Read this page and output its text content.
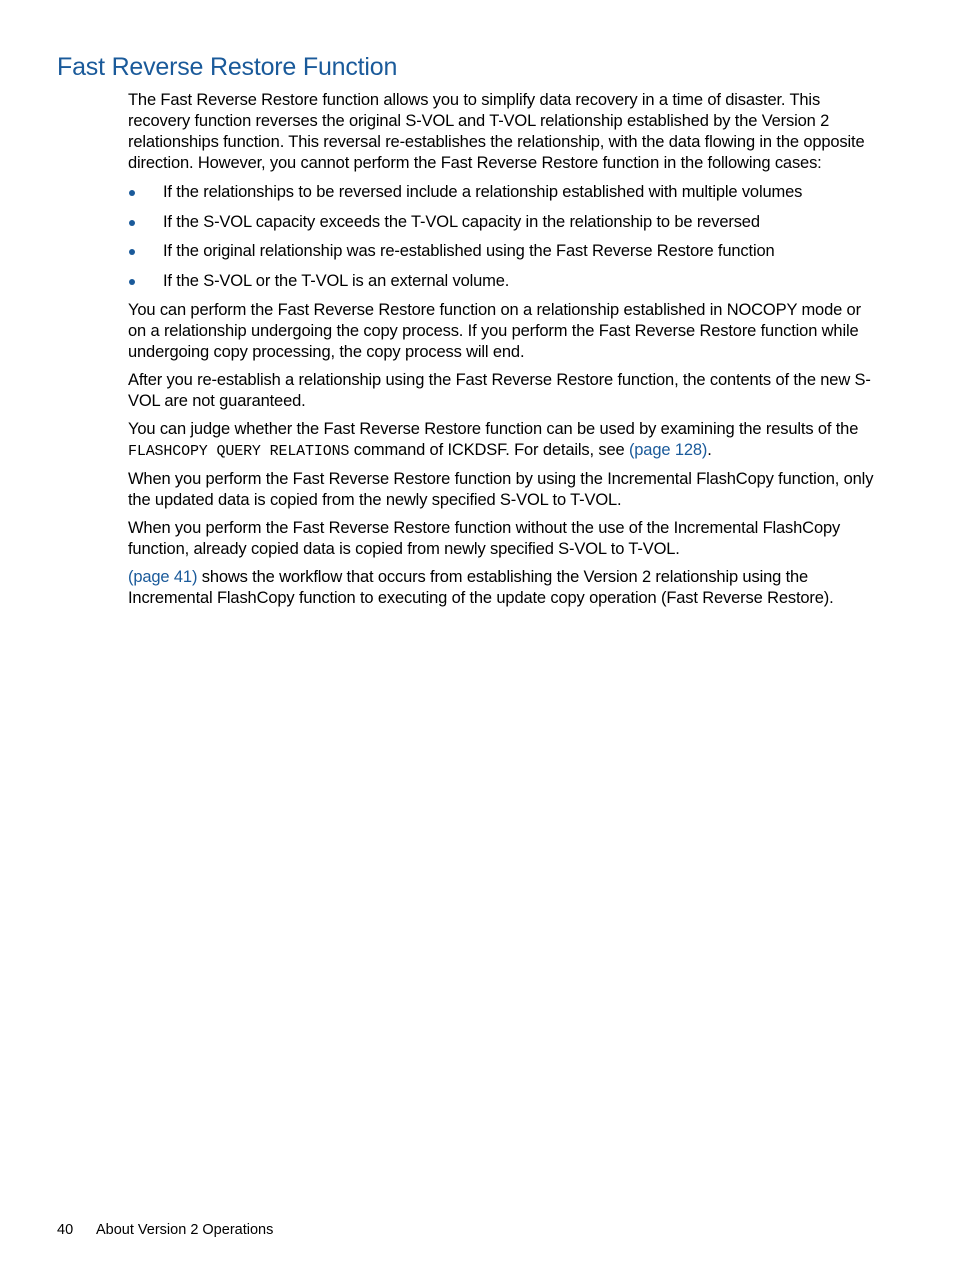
Fast Reverse Restore Function

The Fast Reverse Restore function allows you to simplify data recovery in a time of disaster. This recovery function reverses the original S-VOL and T-VOL relationship established by the Version 2 relationships function. This reversal re-establishes the relationship, with the data flowing in the opposite direction. However, you cannot perform the Fast Reverse Restore function in the following cases:

If the relationships to be reversed include a relationship established with multiple volumes
If the S-VOL capacity exceeds the T-VOL capacity in the relationship to be reversed
If the original relationship was re-established using the Fast Reverse Restore function
If the S-VOL or the T-VOL is an external volume.

You can perform the Fast Reverse Restore function on a relationship established in NOCOPY mode or on a relationship undergoing the copy process. If you perform the Fast Reverse Restore function while undergoing copy processing, the copy process will end.

After you re-establish a relationship using the Fast Reverse Restore function, the contents of the new S-VOL are not guaranteed.

You can judge whether the Fast Reverse Restore function can be used by examining the results of the FLASHCOPY QUERY RELATIONS command of ICKDSF. For details, see (page 128).

When you perform the Fast Reverse Restore function by using the Incremental FlashCopy function, only the updated data is copied from the newly specified S-VOL to T-VOL.

When you perform the Fast Reverse Restore function without the use of the Incremental FlashCopy function, already copied data is copied from newly specified S-VOL to T-VOL.

(page 41) shows the workflow that occurs from establishing the Version 2 relationship using the Incremental FlashCopy function to executing of the update copy operation (Fast Reverse Restore).

40 About Version 2 Operations
